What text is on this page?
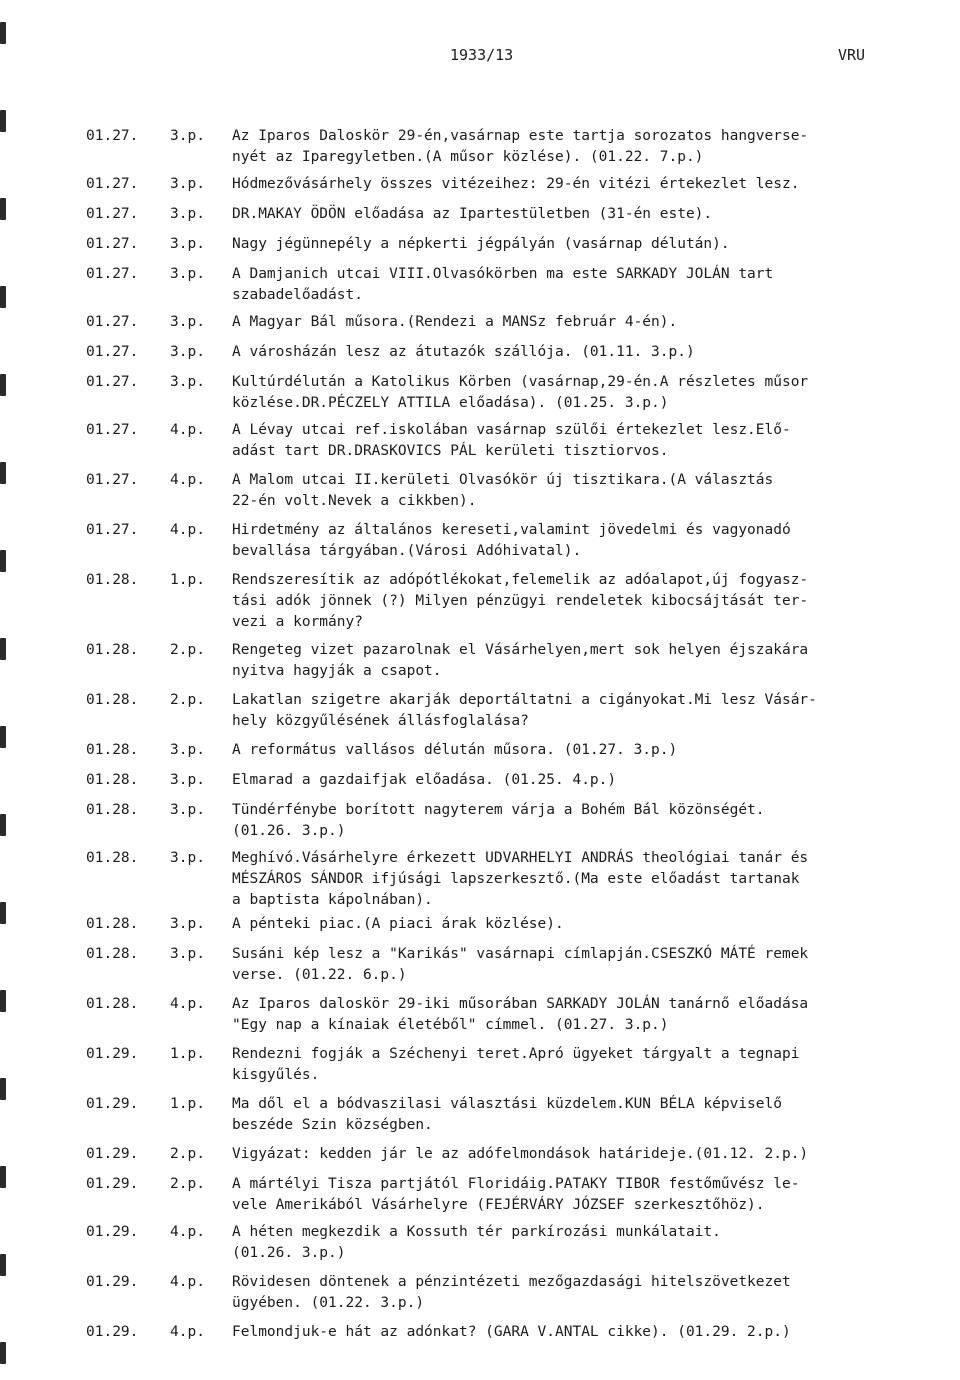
1933/13	VRU
01.27.	3.p.	Az Iparos Daloskör 29-én,vasárnap este tartja sorozatos hangverse-
nyét az Iparegyletben.(A műsor közlése). (01.22. 7.p.)
01.27.	3.p.	Hódmezővásárhely összes vitézeihez: 29-én vitézi értekezlet lesz.
01.27.	3.p.	DR.MAKAY ÖDÖN előadása az Ipartestületben (31-én este).
01.27.	3.p.	Nagy jégünnepély a népkerti jégpályán (vasárnap délután).
01.27.	3.p.	A Damjanich utcai VIII.Olvasókörben ma este SARKADY JOLÁN tart
szabadelőadást.
01.27.	3.p.	A Magyar Bál műsora.(Rendezi a MANSz február 4-én).
01.27.	3.p.	A városházán lesz az átutazók szállója. (01.11. 3.p.)
01.27.	3.p.	Kultúrdélután a Katolikus Körben (vasárnap,29-én.A részletes műsor
közlése.DR.PÉCZELY ATTILA előadása). (01.25. 3.p.)
01.27.	4.p.	A Lévay utcai ref.iskolában vasárnap szülői értekezlet lesz.Elő-
adást tart DR.DRASKOVICS PÁL kerületi tisztiorvos.
01.27.	4.p.	A Malom utcai II.kerületi Olvasókör új tisztikara.(A választás
22-én volt.Nevek a cikkben).
01.27.	4.p.	Hirdetmény az általános kereseti,valamint jövedelmi és vagyonadó
bevallása tárgyában.(Városi Adóhivatal).
01.28.	1.p.	Rendszeresítik az adópótlékokat,felemelik az adóalapot,új fogyasz-
tási adók jönnek (?) Milyen pénzügyi rendeletek kibocsájtását ter-
vezi a kormány?
01.28.	2.p.	Rengeteg vizet pazarolnak el Vásárhelyen,mert sok helyen éjszakára
nyitva hagyják a csapot.
01.28.	2.p.	Lakatlan szigetre akarják deportáltatni a cigányokat.Mi lesz Vásár-
hely közgyűlésének állásfoglalása?
01.28.	3.p.	A református vallásos délután műsora. (01.27. 3.p.)
01.28.	3.p.	Elmarad a gazdaifjak előadása. (01.25. 4.p.)
01.28.	3.p.	Tündérfénybe borított nagyterem várja a Bohém Bál közönségét.
(01.26. 3.p.)
01.28.	3.p.	Meghívó.Vásárhelyre érkezett UDVARHELYI ANDRÁS theológiai tanár és
MÉSZÁROS SÁNDOR ifjúsági lapszerkesztő.(Ma este előadást tartanak
a baptista kápolnában).
01.28.	3.p.	A pénteki piac.(A piaci árak közlése).
01.28.	3.p.	Susáni kép lesz a "Karikás" vasárnapi címlapján.CSESZKÓ MÁTÉ remek
verse. (01.22. 6.p.)
01.28.	4.p.	Az Iparos daloskör 29-iki műsorában SARKADY JOLÁN tanárnő előadása
"Egy nap a kínaiak életéből" címmel. (01.27. 3.p.)
01.29.	1.p.	Rendezni fogják a Széchenyi teret.Apró ügyeket tárgyalt a tegnapi
kisgyűlés.
01.29.	1.p.	Ma dől el a bódvaszilasi választási küzdelem.KUN BÉLA képviselő
beszéde Szin községben.
01.29.	2.p.	Vigyázat: kedden jár le az adófelmondások határideje.(01.12. 2.p.)
01.29.	2.p.	A mártélyi Tisza partjától Floridáig.PATAKY TIBOR festőművész le-
vele Amerikából Vásárhelyre (FEJÉRVÁRY JÓZSEF szerkesztőhöz).
01.29.	4.p.	A héten megkezdik a Kossuth tér parkírozási munkálatait.
(01.26. 3.p.)
01.29.	4.p.	Rövidesen döntenek a pénzintézeti mezőgazdasági hitelszövetkezet
ügyében. (01.22. 3.p.)
01.29.	4.p.	Felmondjuk-e hát az adónkat? (GARA V.ANTAL cikke). (01.29. 2.p.)
